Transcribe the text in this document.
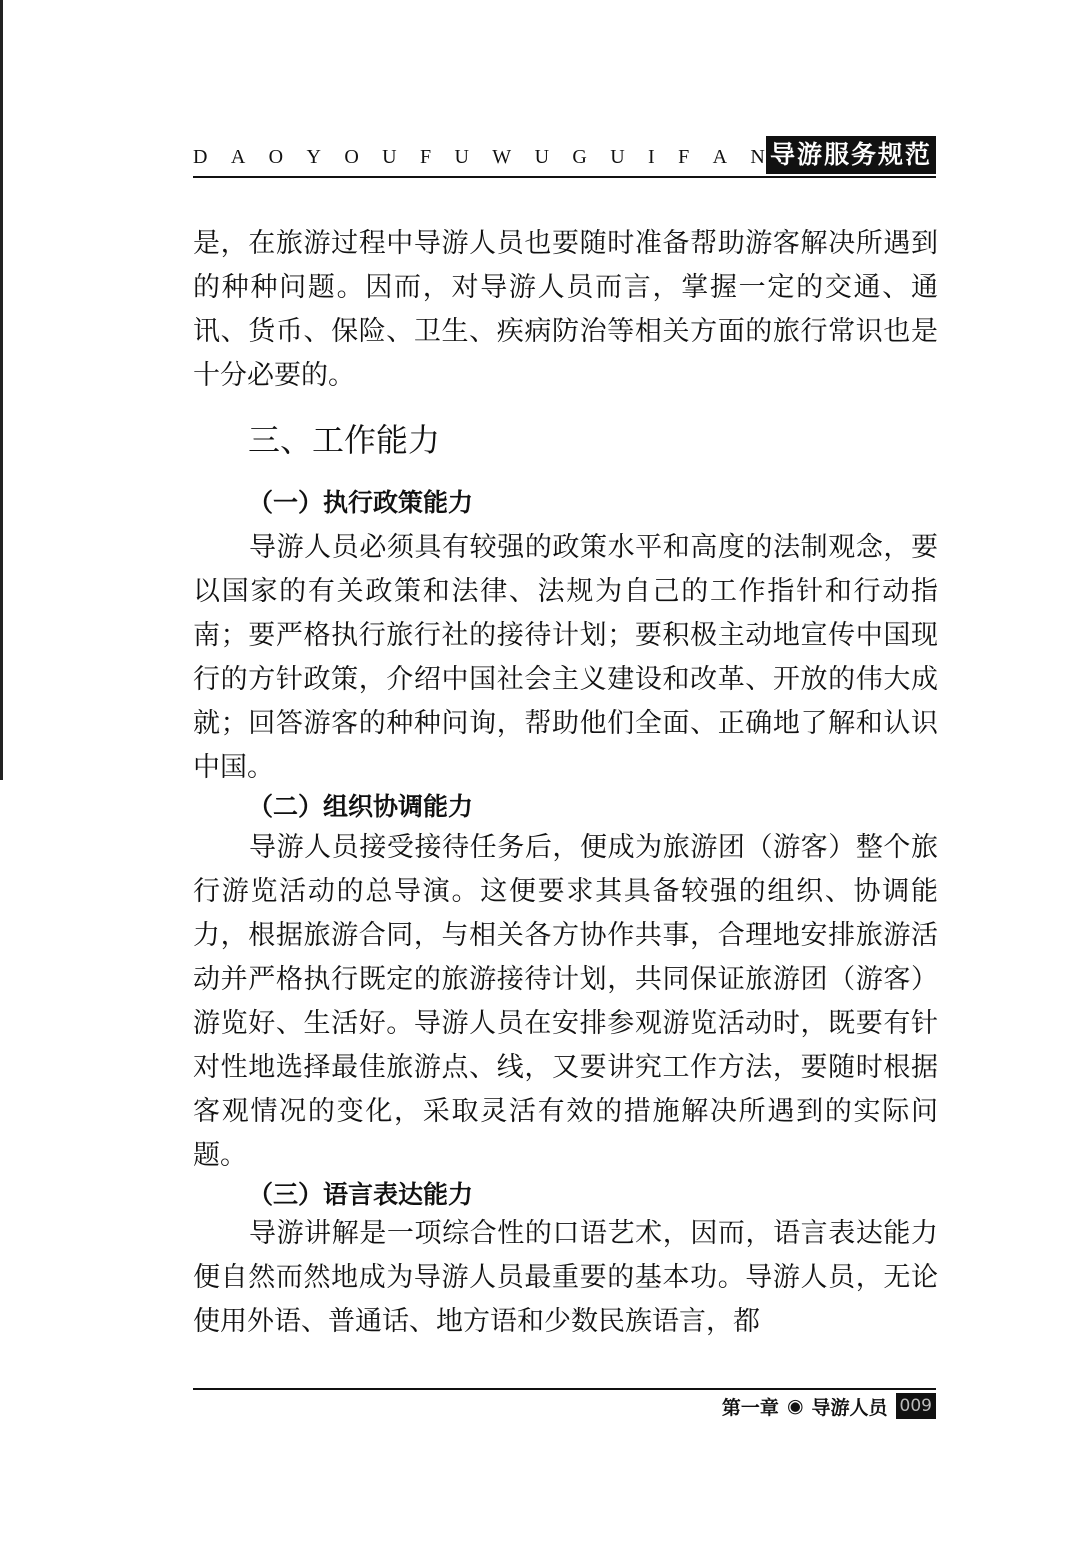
D A O Y O U F U W U G U I F A N 导游服务规范

是，在旅游过程中导游人员也要随时准备帮助游客解决所遇到的种种问题。因而，对导游人员而言，掌握一定的交通、通讯、货币、保险、卫生、疾病防治等相关方面的旅行常识也是十分必要的。

三、工作能力
（一）执行政策能力

导游人员必须具有较强的政策水平和高度的法制观念，要以国家的有关政策和法律、法规为自己的工作指针和行动指南；要严格执行旅行社的接待计划；要积极主动地宣传中国现行的方针政策，介绍中国社会主义建设和改革、开放的伟大成就；回答游客的种种问询，帮助他们全面、正确地了解和认识中国。

（二）组织协调能力

导游人员接受接待任务后，便成为旅游团（游客）整个旅行游览活动的总导演。这便要求其具备较强的组织、协调能力，根据旅游合同，与相关各方协作共事，合理地安排旅游活动并严格执行既定的旅游接待计划，共同保证旅游团（游客）游览好、生活好。导游人员在安排参观游览活动时，既要有针对性地选择最佳旅游点、线，又要讲究工作方法，要随时根据客观情况的变化，采取灵活有效的措施解决所遇到的实际问题。

（三）语言表达能力

导游讲解是一项综合性的口语艺术，因而，语言表达能力便自然而然地成为导游人员最重要的基本功。导游人员，无论使用外语、普通话、地方语和少数民族语言，都

第一章 ◉ 导游人员 009
